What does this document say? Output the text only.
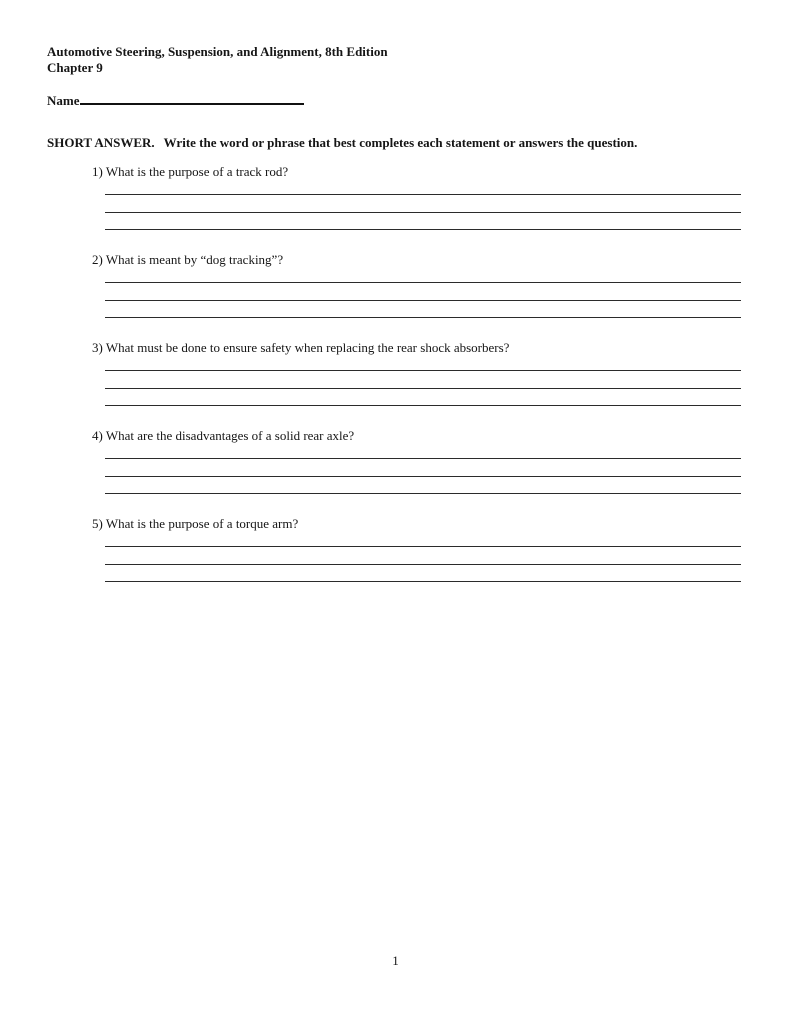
Automotive Steering, Suspension, and Alignment, 8th Edition
Chapter 9
Name
SHORT ANSWER. Write the word or phrase that best completes each statement or answers the question.
1) What is the purpose of a track rod?
2) What is meant by “dog tracking”?
3) What must be done to ensure safety when replacing the rear shock absorbers?
4) What are the disadvantages of a solid rear axle?
5) What is the purpose of a torque arm?
1
